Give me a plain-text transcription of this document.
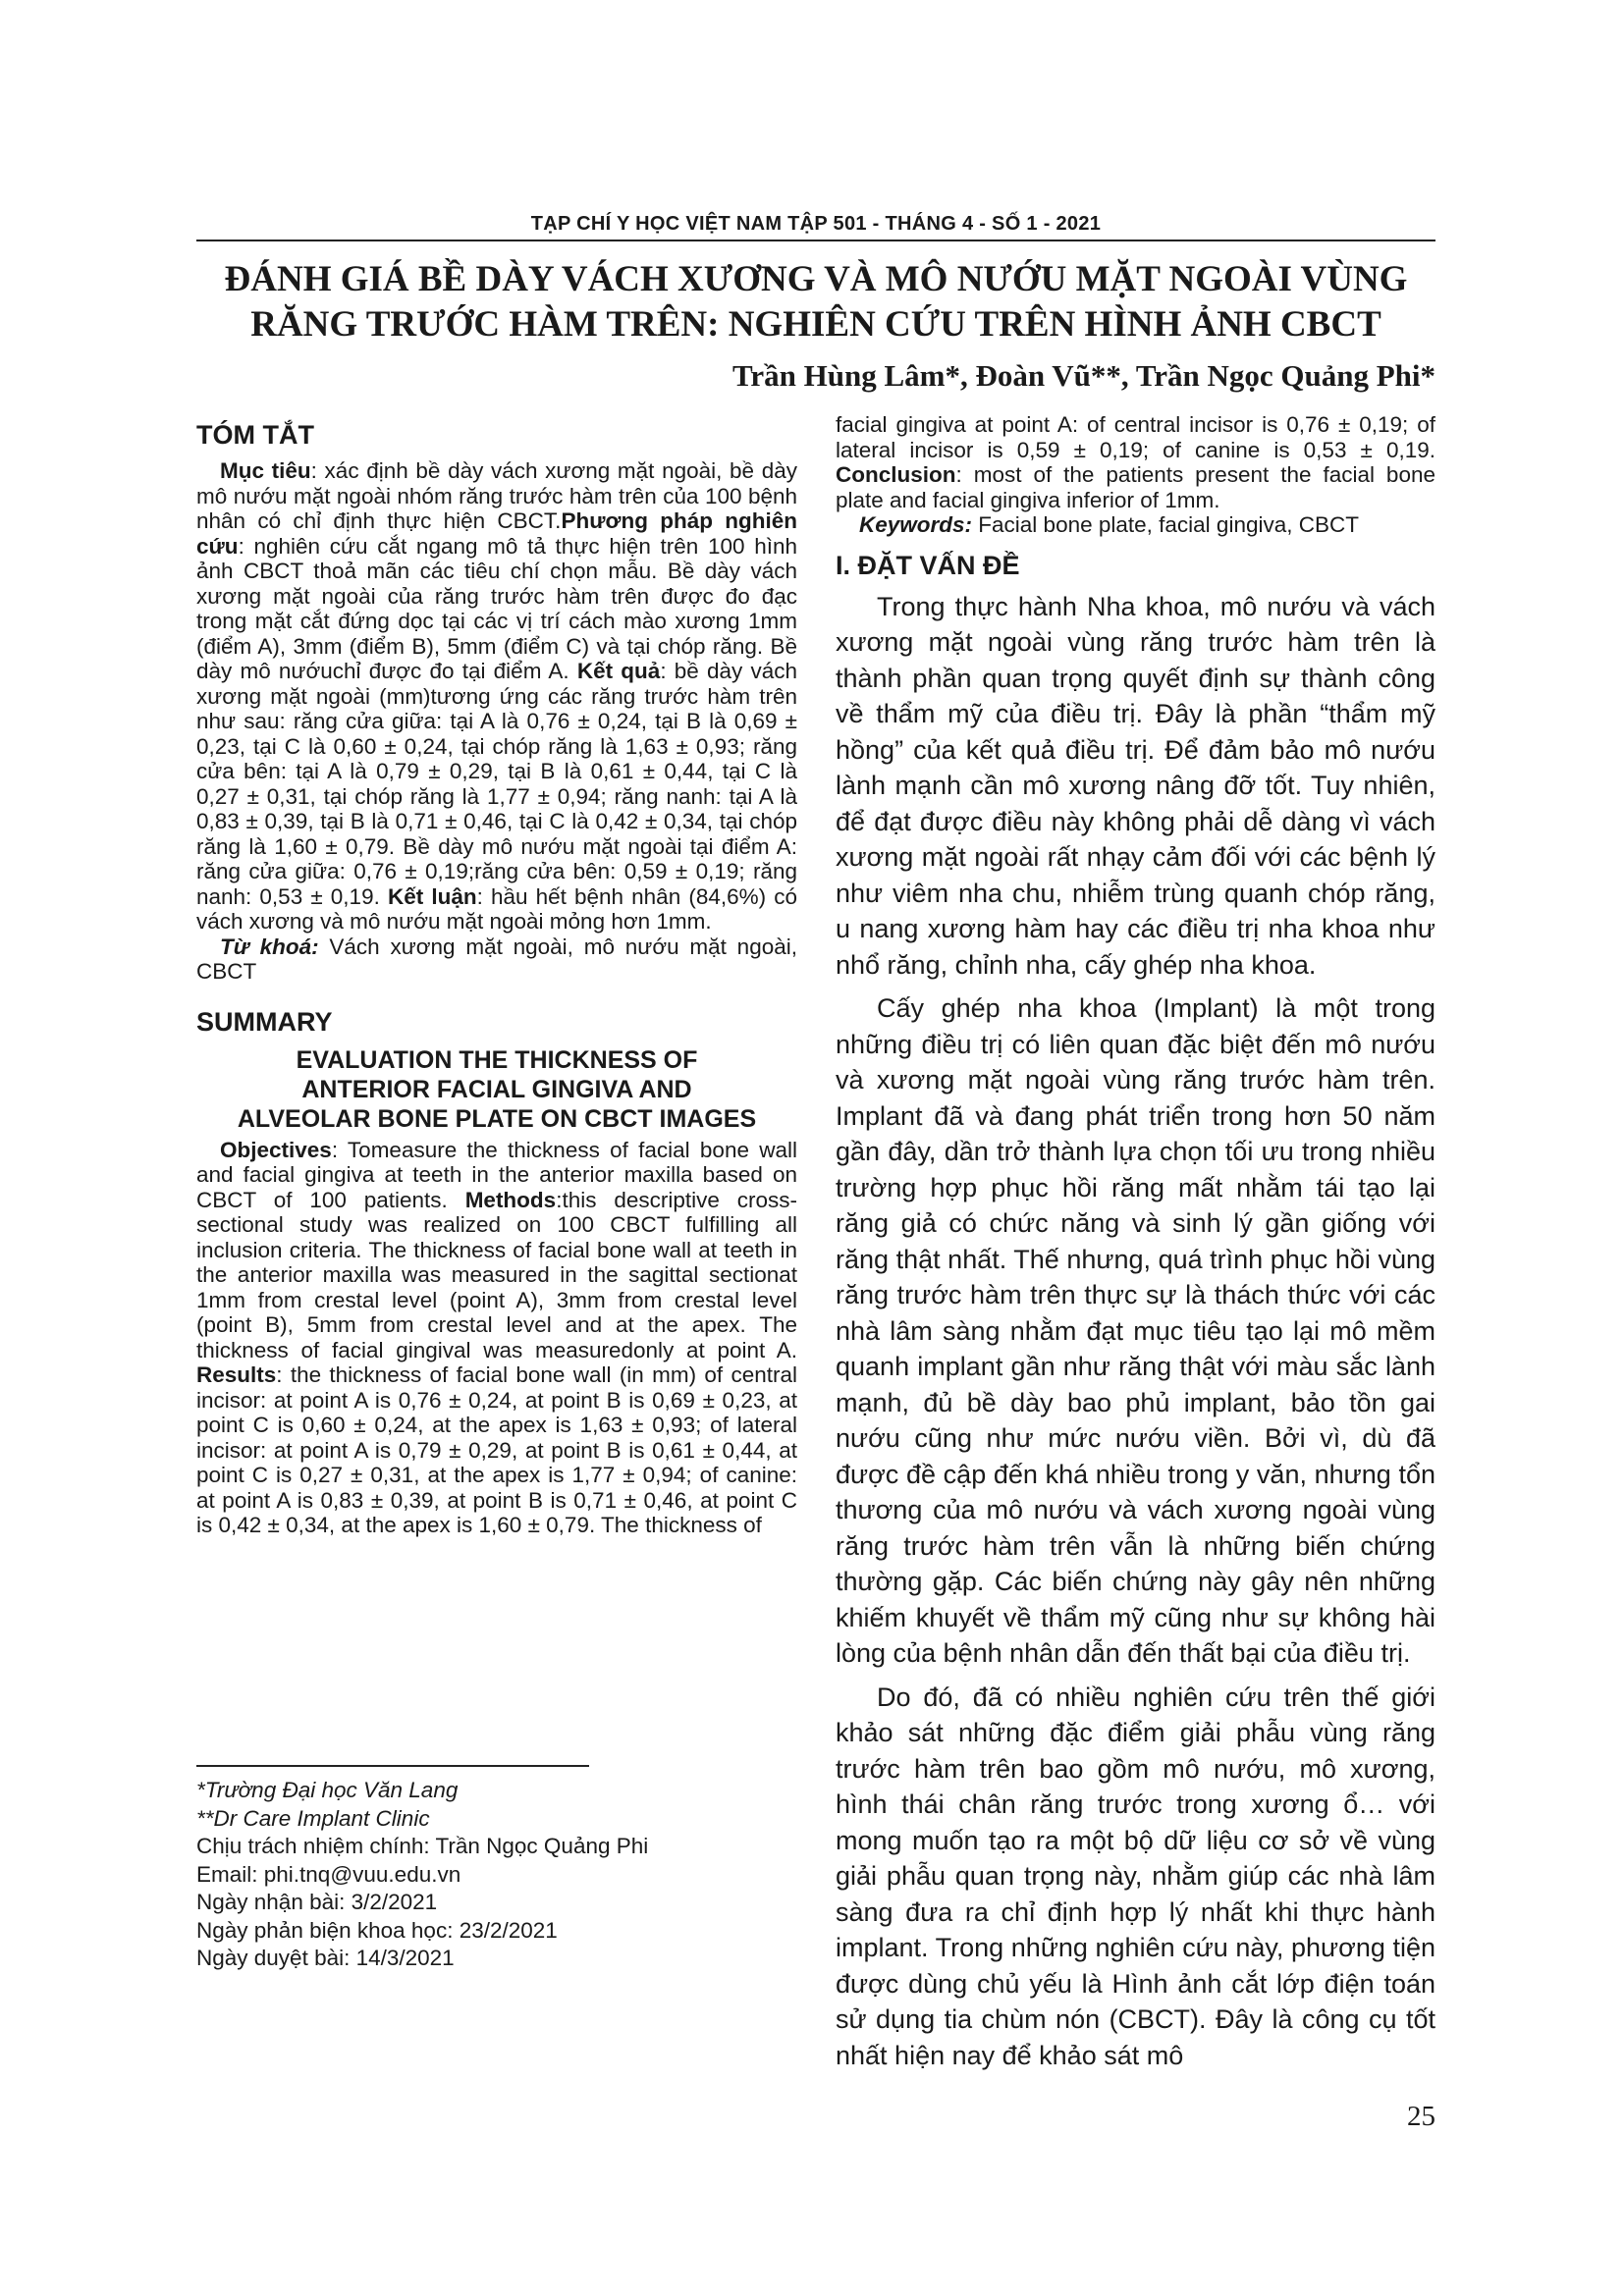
TẠP CHÍ Y HỌC VIỆT NAM TẬP 501 - THÁNG 4 - SỐ 1 - 2021
ĐÁNH GIÁ BỀ DÀY VÁCH XƯƠNG VÀ MÔ NƯỚU MẶT NGOÀI VÙNG
RĂNG TRƯỚC HÀM TRÊN: NGHIÊN CỨU TRÊN HÌNH ẢNH CBCT
Trần Hùng Lâm*, Đoàn Vũ**, Trần Ngọc Quảng Phi*
TÓM TẮT

Mục tiêu: xác định bề dày vách xương mặt ngoài, bề dày mô nướu mặt ngoài nhóm răng trước hàm trên của 100 bệnh nhân có chỉ định thực hiện CBCT.Phương pháp nghiên cứu: nghiên cứu cắt ngang mô tả thực hiện trên 100 hình ảnh CBCT thoả mãn các tiêu chí chọn mẫu. Bề dày vách xương mặt ngoài của răng trước hàm trên được đo đạc trong mặt cắt đứng dọc tại các vị trí cách mào xương 1mm (điểm A), 3mm (điểm B), 5mm (điểm C) và tại chóp răng. Bề dày mô nướuchỉ được đo tại điểm A. Kết quả: bề dày vách xương mặt ngoài (mm)tương ứng các răng trước hàm trên như sau: răng cửa giữa: tại A là 0,76 ± 0,24, tại B là 0,69 ± 0,23, tại C là 0,60 ± 0,24, tại chóp răng là 1,63 ± 0,93; răng cửa bên: tại A là 0,79 ± 0,29, tại B là 0,61 ± 0,44, tại C là 0,27 ± 0,31, tại chóp răng là 1,77 ± 0,94; răng nanh: tại A là 0,83 ± 0,39, tại B là 0,71 ± 0,46, tại C là 0,42 ± 0,34, tại chóp răng là 1,60 ± 0,79. Bề dày mô nướu mặt ngoài tại điểm A: răng cửa giữa: 0,76 ± 0,19;răng cửa bên: 0,59 ± 0,19; răng nanh: 0,53 ± 0,19. Kết luận: hầu hết bệnh nhân (84,6%) có vách xương và mô nướu mặt ngoài mỏng hơn 1mm.

Từ khoá: Vách xương mặt ngoài, mô nướu mặt ngoài, CBCT

SUMMARY
EVALUATION THE THICKNESS OF
ANTERIOR FACIAL GINGIVA AND
ALVEOLAR BONE PLATE ON CBCT IMAGES

Objectives: Tomeasure the thickness of facial bone wall and facial gingiva at teeth in the anterior maxilla based on CBCT of 100 patients. Methods:this descriptive cross-sectional study was realized on 100 CBCT fulfilling all inclusion criteria. The thickness of facial bone wall at teeth in the anterior maxilla was measured in the sagittal sectionat 1mm from crestal level (point A), 3mm from crestal level (point B), 5mm from crestal level and at the apex. The thickness of facial gingival was measuredonly at point A. Results: the thickness of facial bone wall (in mm) of central incisor: at point A is 0,76 ± 0,24, at point B is 0,69 ± 0,23, at point C is 0,60 ± 0,24, at the apex is 1,63 ± 0,93; of lateral incisor: at point A is 0,79 ± 0,29, at point B is 0,61 ± 0,44, at point C is 0,27 ± 0,31, at the apex is 1,77 ± 0,94; of canine: at point A is 0,83 ± 0,39, at point B is 0,71 ± 0,46, at point C is 0,42 ± 0,34, at the apex is 1,60 ± 0,79. The thickness of

*Trường Đại học Văn Lang
**Dr Care Implant Clinic
Chịu trách nhiệm chính: Trần Ngọc Quảng Phi
Email: phi.tnq@vuu.edu.vn
Ngày nhận bài: 3/2/2021
Ngày phản biện khoa học: 23/2/2021
Ngày duyệt bài: 14/3/2021

facial gingiva at point A: of central incisor is 0,76 ± 0,19; of lateral incisor is 0,59 ± 0,19; of canine is 0,53 ± 0,19. Conclusion: most of the patients present the facial bone plate and facial gingiva inferior of 1mm.

Keywords: Facial bone plate, facial gingiva, CBCT

I. ĐẶT VẤN ĐỀ

Trong thực hành Nha khoa, mô nướu và vách xương mặt ngoài vùng răng trước hàm trên là thành phần quan trọng quyết định sự thành công về thẩm mỹ của điều trị. Đây là phần “thẩm mỹ hồng” của kết quả điều trị. Để đảm bảo mô nướu lành mạnh cần mô xương nâng đỡ tốt. Tuy nhiên, để đạt được điều này không phải dễ dàng vì vách xương mặt ngoài rất nhạy cảm đối với các bệnh lý như viêm nha chu, nhiễm trùng quanh chóp răng, u nang xương hàm hay các điều trị nha khoa như nhổ răng, chỉnh nha, cấy ghép nha khoa.

Cấy ghép nha khoa (Implant) là một trong những điều trị có liên quan đặc biệt đến mô nướu và xương mặt ngoài vùng răng trước hàm trên. Implant đã và đang phát triển trong hơn 50 năm gần đây, dần trở thành lựa chọn tối ưu trong nhiều trường hợp phục hồi răng mất nhằm tái tạo lại răng giả có chức năng và sinh lý gần giống với răng thật nhất. Thế nhưng, quá trình phục hồi vùng răng trước hàm trên thực sự là thách thức với các nhà lâm sàng nhằm đạt mục tiêu tạo lại mô mềm quanh implant gần như răng thật với màu sắc lành mạnh, đủ bề dày bao phủ implant, bảo tồn gai nướu cũng như mức nướu viền. Bởi vì, dù đã được đề cập đến khá nhiều trong y văn, nhưng tổn thương của mô nướu và vách xương ngoài vùng răng trước hàm trên vẫn là những biến chứng thường gặp. Các biến chứng này gây nên những khiếm khuyết về thẩm mỹ cũng như sự không hài lòng của bệnh nhân dẫn đến thất bại của điều trị.

Do đó, đã có nhiều nghiên cứu trên thế giới khảo sát những đặc điểm giải phẫu vùng răng trước hàm trên bao gồm mô nướu, mô xương, hình thái chân răng trước trong xương ổ… với mong muốn tạo ra một bộ dữ liệu cơ sở về vùng giải phẫu quan trọng này, nhằm giúp các nhà lâm sàng đưa ra chỉ định hợp lý nhất khi thực hành implant. Trong những nghiên cứu này, phương tiện được dùng chủ yếu là Hình ảnh cắt lớp điện toán sử dụng tia chùm nón (CBCT). Đây là công cụ tốt nhất hiện nay để khảo sát mô

25
